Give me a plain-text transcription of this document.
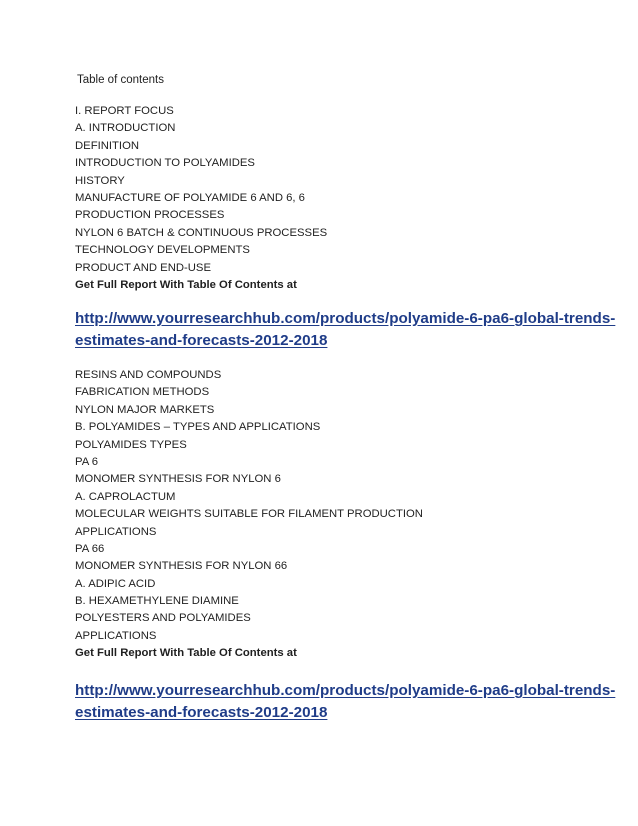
Table of contents
I. REPORT FOCUS
A. INTRODUCTION
DEFINITION
INTRODUCTION TO POLYAMIDES
HISTORY
MANUFACTURE OF POLYAMIDE 6 AND 6, 6
PRODUCTION PROCESSES
NYLON 6 BATCH & CONTINUOUS PROCESSES
TECHNOLOGY DEVELOPMENTS
PRODUCT AND END-USE
Get Full Report With Table Of Contents at
http://www.yourresearchhub.com/products/polyamide-6-pa6-global-trends-
estimates-and-forecasts-2012-2018
RESINS AND COMPOUNDS
FABRICATION METHODS
NYLON MAJOR MARKETS
B. POLYAMIDES – TYPES AND APPLICATIONS
POLYAMIDES TYPES
PA 6
MONOMER SYNTHESIS FOR NYLON 6
A. CAPROLACTUM
MOLECULAR WEIGHTS SUITABLE FOR FILAMENT PRODUCTION
APPLICATIONS
PA 66
MONOMER SYNTHESIS FOR NYLON 66
A. ADIPIC ACID
B. HEXAMETHYLENE DIAMINE
POLYESTERS AND POLYAMIDES
APPLICATIONS
Get Full Report With Table Of Contents at
http://www.yourresearchhub.com/products/polyamide-6-pa6-global-trends-
estimates-and-forecasts-2012-2018
